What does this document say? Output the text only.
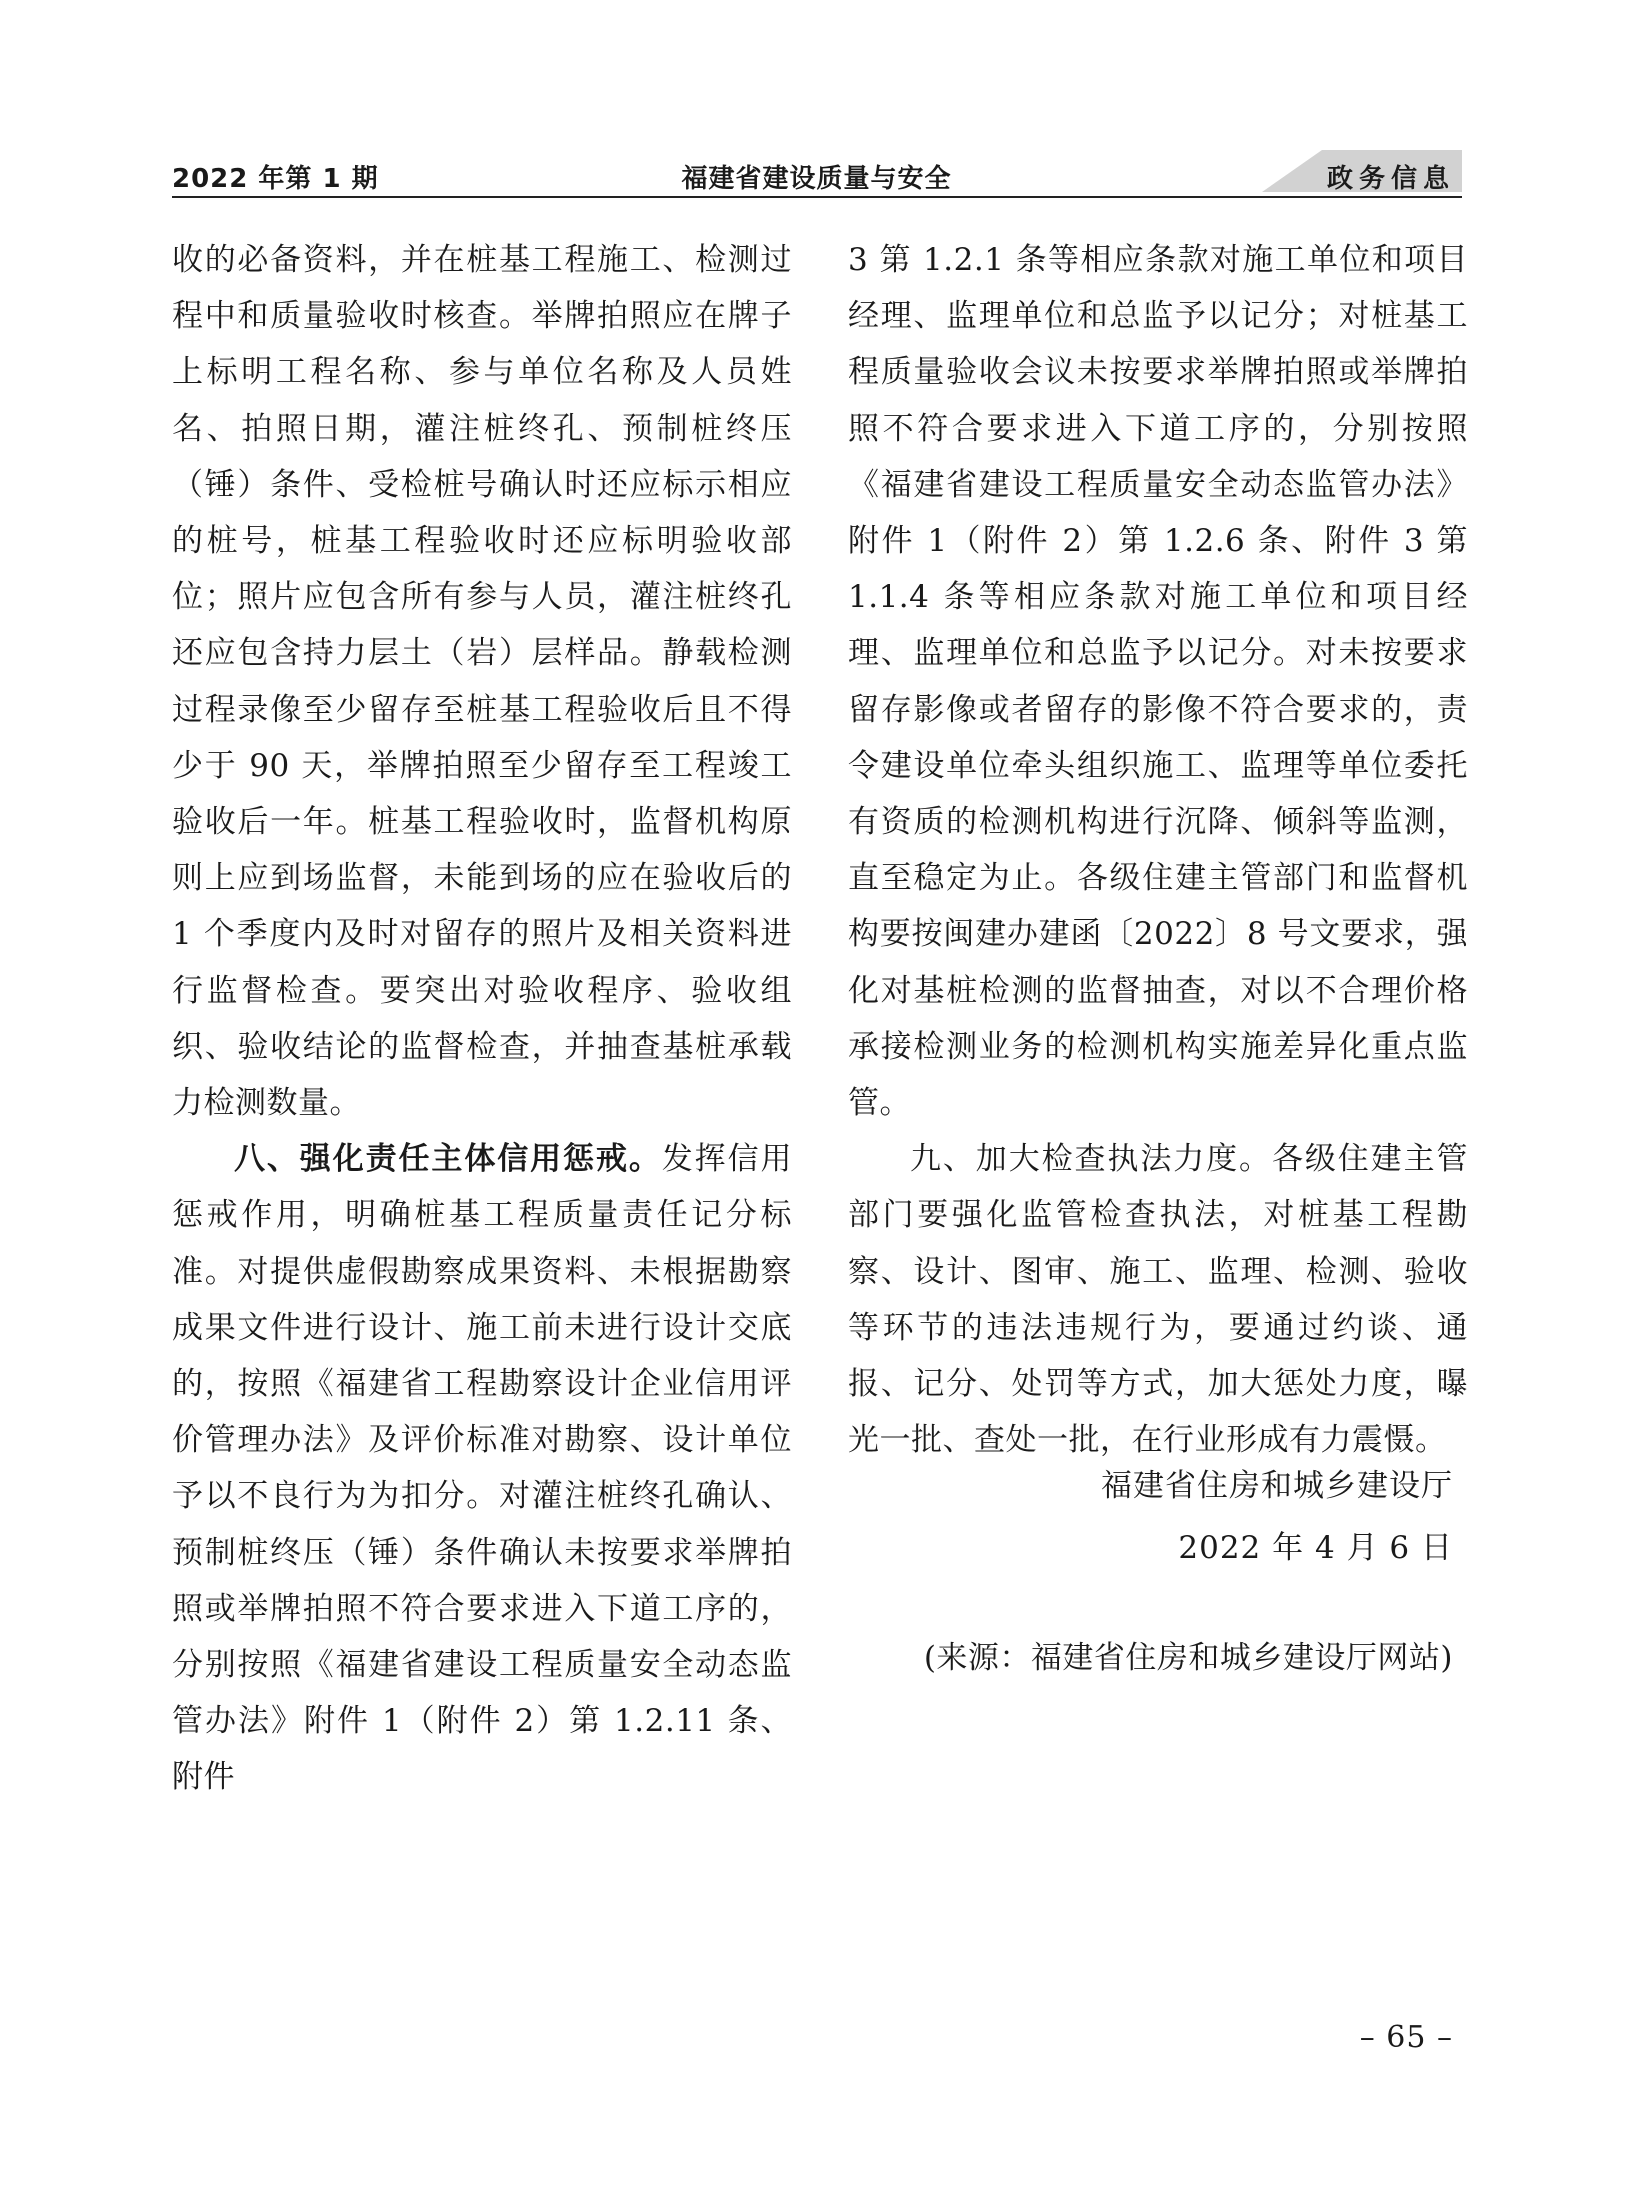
福建省建设质量与安全
2022 年第 1 期	政务信息

收的必备资料，并在桩基工程施工、检测过程中和质量验收时核查。举牌拍照应在牌子上标明工程名称、参与单位名称及人员姓名、拍照日期，灌注桩终孔、预制桩终压（锤）条件、受检桩号确认时还应标示相应的桩号，桩基工程验收时还应标明验收部位；照片应包含所有参与人员，灌注桩终孔还应包含持力层土（岩）层样品。静载检测过程录像至少留存至桩基工程验收后且不得少于 90 天，举牌拍照至少留存至工程竣工验收后一年。桩基工程验收时，监督机构原则上应到场监督，未能到场的应在验收后的 1 个季度内及时对留存的照片及相关资料进行监督检查。要突出对验收程序、验收组织、验收结论的监督检查，并抽查基桩承载力检测数量。

八、强化责任主体信用惩戒。发挥信用惩戒作用，明确桩基工程质量责任记分标准。对提供虚假勘察成果资料、未根据勘察成果文件进行设计、施工前未进行设计交底的，按照《福建省工程勘察设计企业信用评价管理办法》及评价标准对勘察、设计单位予以不良行为为扣分。对灌注桩终孔确认、预制桩终压（锤）条件确认未按要求举牌拍照或举牌拍照不符合要求进入下道工序的，分别按照《福建省建设工程质量安全动态监管办法》附件 1（附件 2）第 1.2.11 条、附件

3 第 1.2.1 条等相应条款对施工单位和项目经理、监理单位和总监予以记分；对桩基工程质量验收会议未按要求举牌拍照或举牌拍照不符合要求进入下道工序的，分别按照《福建省建设工程质量安全动态监管办法》附件 1（附件 2）第 1.2.6 条、附件 3 第 1.1.4 条等相应条款对施工单位和项目经理、监理单位和总监予以记分。对未按要求留存影像或者留存的影像不符合要求的，责令建设单位牵头组织施工、监理等单位委托有资质的检测机构进行沉降、倾斜等监测，直至稳定为止。各级住建主管部门和监督机构要按闽建办建函〔2022〕8 号文要求，强化对基桩检测的监督抽查，对以不合理价格承接检测业务的检测机构实施差异化重点监管。

九、加大检查执法力度。各级住建主管部门要强化监管检查执法，对桩基工程勘察、设计、图审、施工、监理、检测、验收等环节的违法违规行为，要通过约谈、通报、记分、处罚等方式，加大惩处力度，曝光一批、查处一批，在行业形成有力震慑。

福建省住房和城乡建设厅
2022 年 4 月 6 日
(来源：福建省住房和城乡建设厅网站)
– 65 –
